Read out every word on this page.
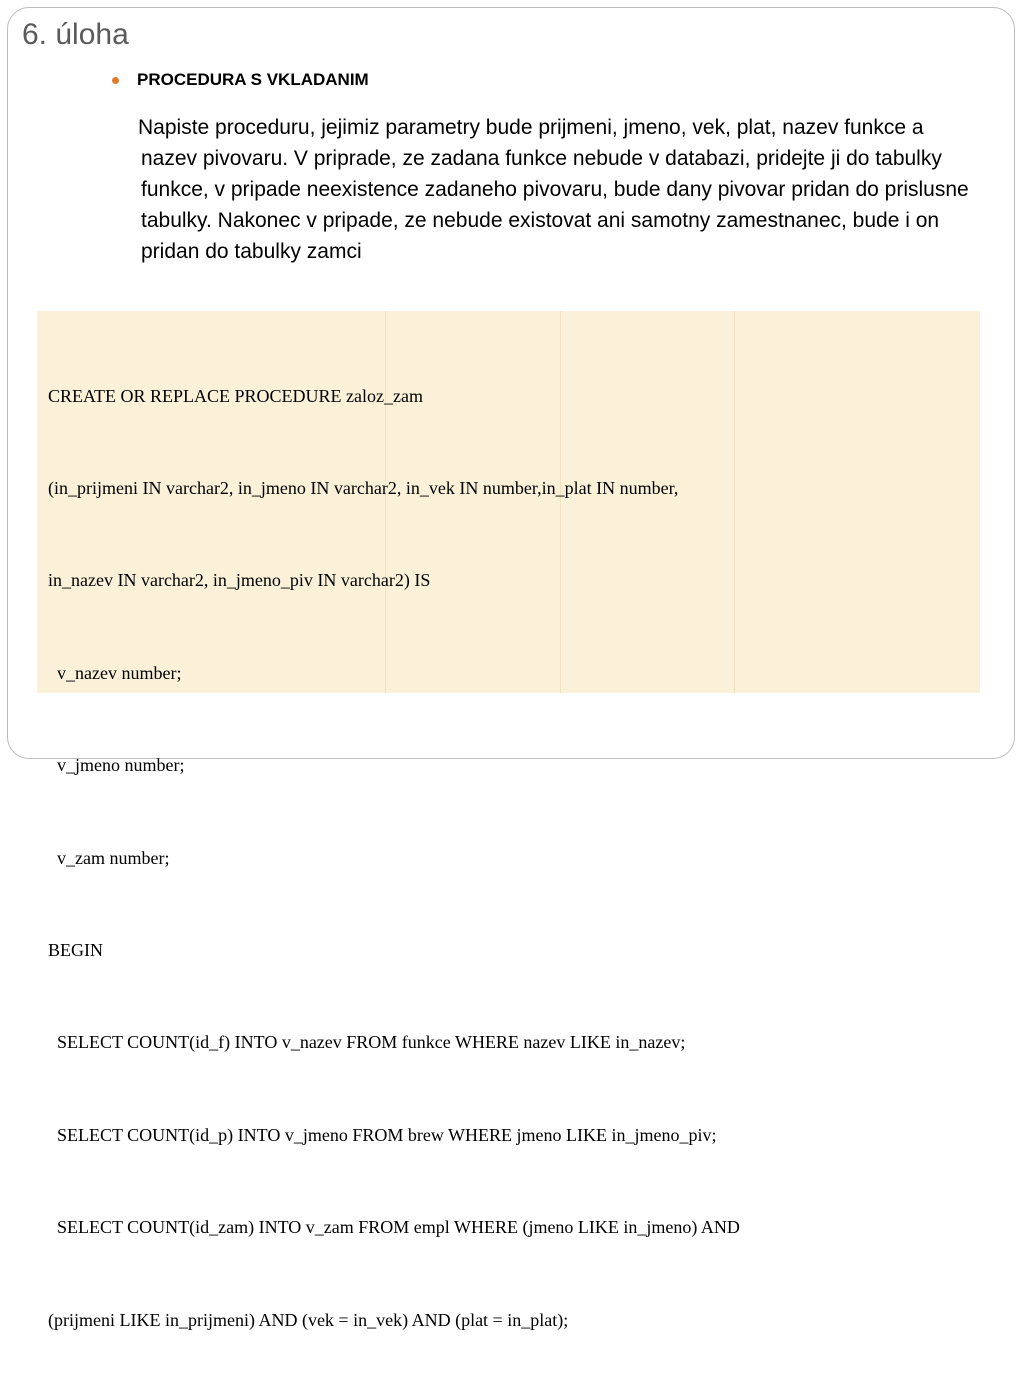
6. úloha
PROCEDURA S VKLADANIM
Napiste proceduru, jejimiz parametry bude prijmeni, jmeno, vek, plat, nazev funkce a nazev pivovaru. V priprade, ze zadana funkce nebude v databazi, pridejte ji do tabulky funkce, v pripade neexistence zadaneho pivovaru, bude dany pivovar pridan do prislusne tabulky. Nakonec v pripade, ze nebude existovat ani samotny zamestnanec, bude i on pridan do tabulky zamci

CREATE OR REPLACE PROCEDURE zaloz_zam

(in_prijmeni IN varchar2, in_jmeno IN varchar2, in_vek IN number,in_plat IN number,

in_nazev IN varchar2, in_jmeno_piv IN varchar2) IS

v_nazev number;

v_jmeno number;

v_zam number;

BEGIN

SELECT COUNT(id_f) INTO v_nazev FROM funkce WHERE nazev LIKE in_nazev;

SELECT COUNT(id_p) INTO v_jmeno FROM brew WHERE jmeno LIKE in_jmeno_piv;

SELECT COUNT(id_zam) INTO v_zam FROM empl WHERE (jmeno LIKE in_jmeno) AND

(prijmeni LIKE in_prijmeni) AND (vek = in_vek) AND (plat = in_plat);
